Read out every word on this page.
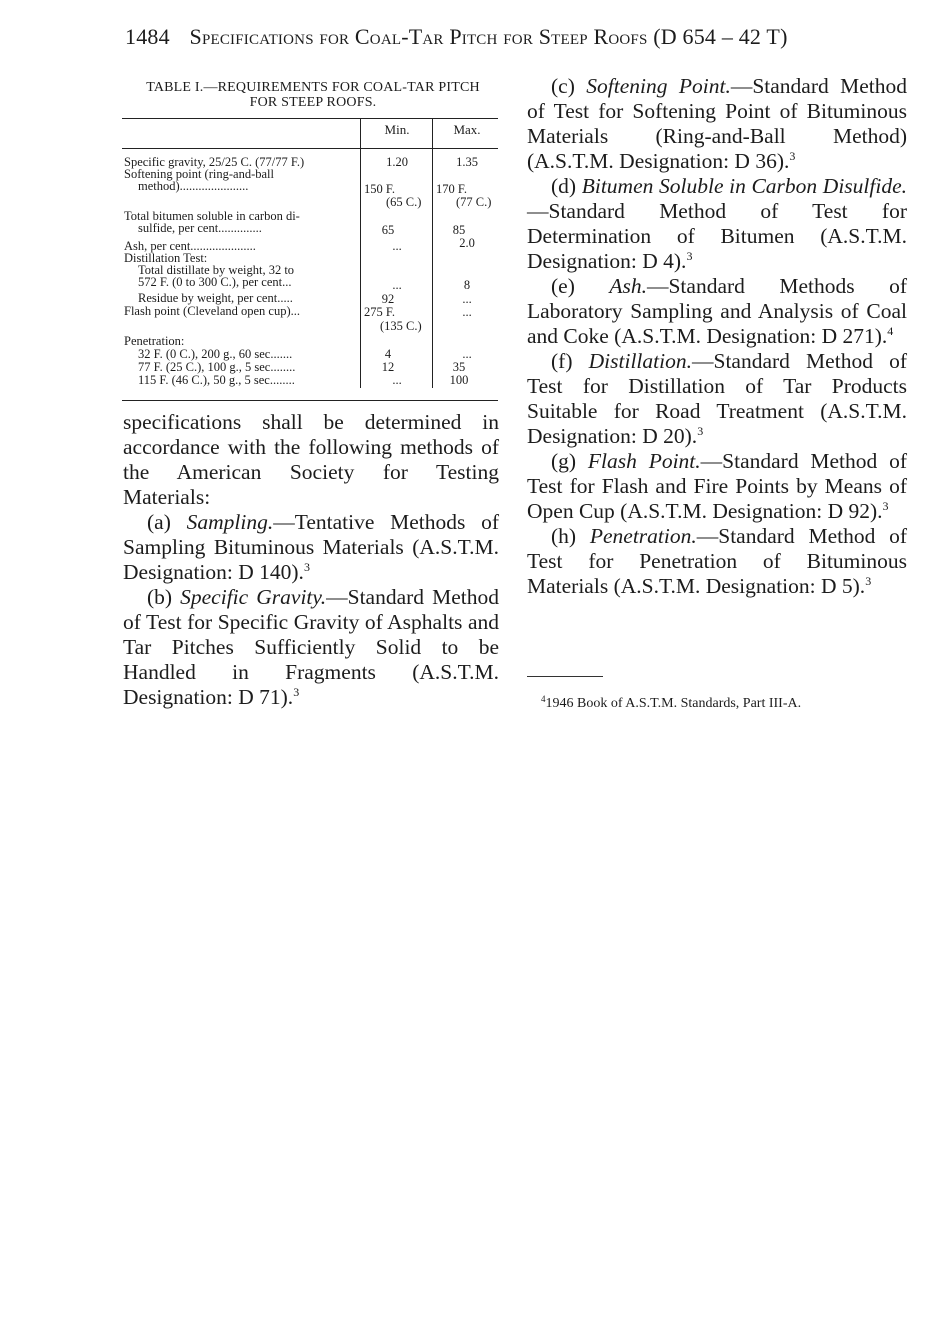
1484 Specifications for Coal-Tar Pitch for Steep Roofs (D 654 – 42 T)
TABLE I.—REQUIREMENTS FOR COAL-TAR PITCH
FOR STEEP ROOFS.
Min.	Max.
Specific gravity, 25/25 C. (77/77 F.)
Softening point (ring-and-ball
method)......................
Total bitumen soluble in carbon di-
sulfide, per cent..............
Ash, per cent.....................
Distillation Test:
Total distillate by weight, 32 to
572 F. (0 to 300 C.), per cent...
Residue by weight, per cent.....
Flash point (Cleveland open cup)...
Penetration:
32 F. (0 C.), 200 g., 60 sec.......
77 F. (25 C.), 100 g., 5 sec........
115 F. (46 C.), 50 g., 5 sec........
1.20
150 F.
(65 C.)
65
...
...
92
275 F.
(135 C.)
4
12
...
1.35
170 F.
(77 C.)
85
2.0
8
...
...
...
35
100

specifications shall be determined in accordance with the following methods of the American Society for Testing Materials:

(a) Sampling.—Tentative Methods of Sampling Bituminous Materials (A.S.T.M. Designation: D 140).$^3$

(b) Specific Gravity.—Standard Method of Test for Specific Gravity of Asphalts and Tar Pitches Sufficiently Solid to be Handled in Fragments (A.S.T.M. Designation: D 71).$^3$

(c) Softening Point.—Standard Method of Test for Softening Point of Bituminous Materials (Ring-and-Ball Method) (A.S.T.M. Designation: D 36).$^3$

(d) Bitumen Soluble in Carbon Disulfide.—Standard Method of Test for Determination of Bitumen (A.S.T.M. Designation: D 4).$^3$

(e) Ash.—Standard Methods of Laboratory Sampling and Analysis of Coal and Coke (A.S.T.M. Designation: D 271).$^4$

(f) Distillation.—Standard Method of Test for Distillation of Tar Products Suitable for Road Treatment (A.S.T.M. Designation: D 20).$^3$

(g) Flash Point.—Standard Method of Test for Flash and Fire Points by Means of Open Cup (A.S.T.M. Designation: D 92).$^3$

(h) Penetration.—Standard Method of Test for Penetration of Bituminous Materials (A.S.T.M. Designation: D 5).$^3$

$^4$1946 Book of A.S.T.M. Standards, Part III-A.
